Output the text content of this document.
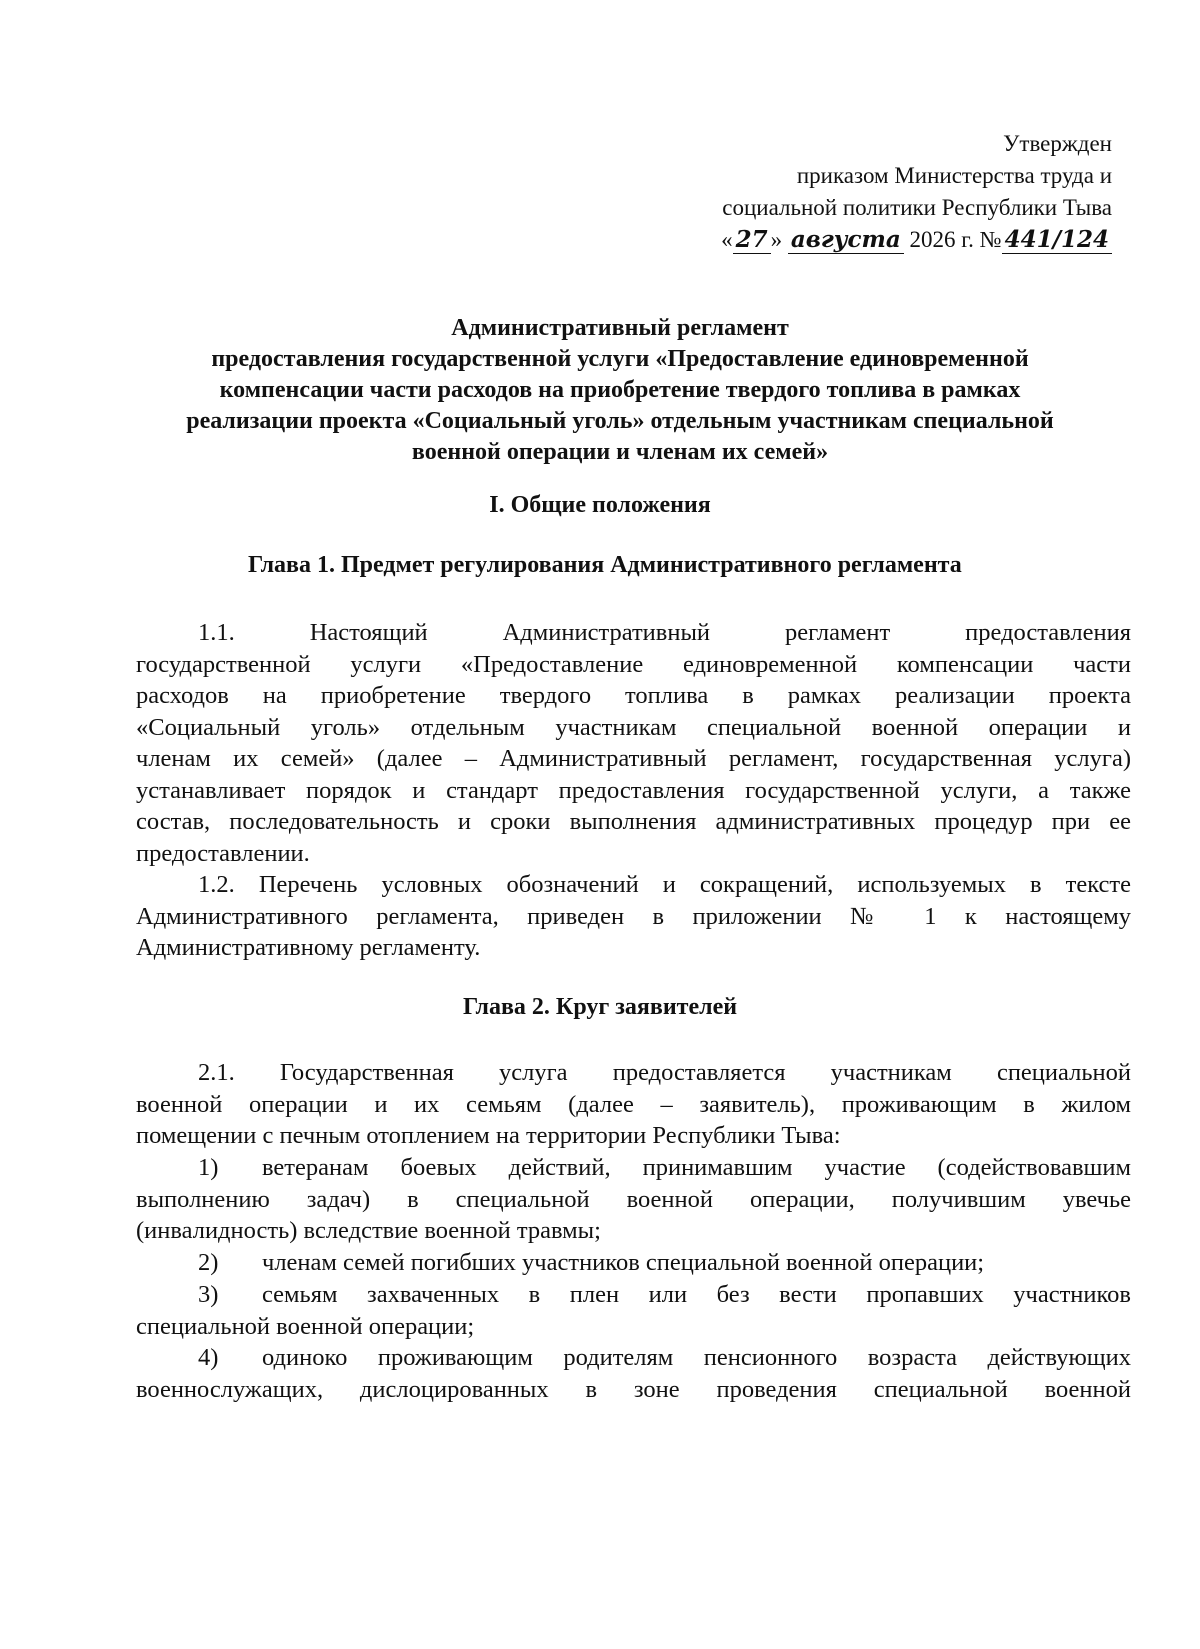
Утвержден
приказом Министерства труда и
социальной политики Республики Тыва
« 27 » августа 2026 г. № 441/124
Административный регламент
предоставления государственной услуги «Предоставление единовременной
компенсации части расходов на приобретение твердого топлива в рамках
реализации проекта «Социальный уголь» отдельным участникам специальной
военной операции и членам их семей»
I. Общие положения
Глава 1. Предмет регулирования Административного регламента
1.1. Настоящий Административный регламент предоставления
государственной услуги «Предоставление единовременной компенсации части
расходов на приобретение твердого топлива в рамках реализации проекта
«Социальный уголь» отдельным участникам специальной военной операции и
членам их семей» (далее – Административный регламент, государственная услуга)
устанавливает порядок и стандарт предоставления государственной услуги, а также
состав, последовательность и сроки выполнения административных процедур при ее
предоставлении.
1.2. Перечень условных обозначений и сокращений, используемых в тексте
Административного регламента, приведен в приложении № 1 к настоящему
Административному регламенту.
Глава 2. Круг заявителей
2.1. Государственная услуга предоставляется участникам специальной
военной операции и их семьям (далее – заявитель), проживающим в жилом
помещении с печным отоплением на территории Республики Тыва:
1) ветеранам боевых действий, принимавшим участие (содействовавшим
выполнению задач) в специальной военной операции, получившим увечье
(инвалидность) вследствие военной травмы;
2) членам семей погибших участников специальной военной операции;
3) семьям захваченных в плен или без вести пропавших участников
специальной военной операции;
4) одиноко проживающим родителям пенсионного возраста действующих
военнослужащих, дислоцированных в зоне проведения специальной военной
